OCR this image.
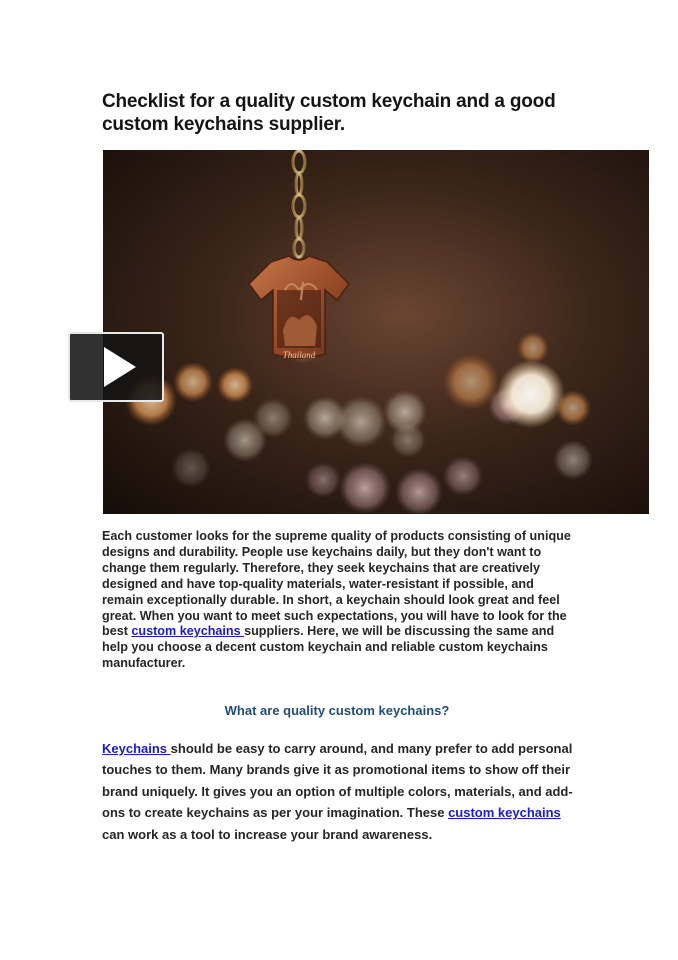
Checklist for a quality custom keychain and a good custom keychains supplier.
Thailand

Each customer looks for the supreme quality of products consisting of unique designs and durability. People use keychains daily, but they don't want to change them regularly. Therefore, they seek keychains that are creatively designed and have top-quality materials, water-resistant if possible, and remain exceptionally durable. In short, a keychain should look great and feel great. When you want to meet such expectations, you will have to look for the best custom keychains suppliers. Here, we will be discussing the same and help you choose a decent custom keychain and reliable custom keychains manufacturer.

What are quality custom keychains?

Keychains should be easy to carry around, and many prefer to add personal touches to them. Many brands give it as promotional items to show off their brand uniquely. It gives you an option of multiple colors, materials, and add-ons to create keychains as per your imagination. These custom keychains can work as a tool to increase your brand awareness.
